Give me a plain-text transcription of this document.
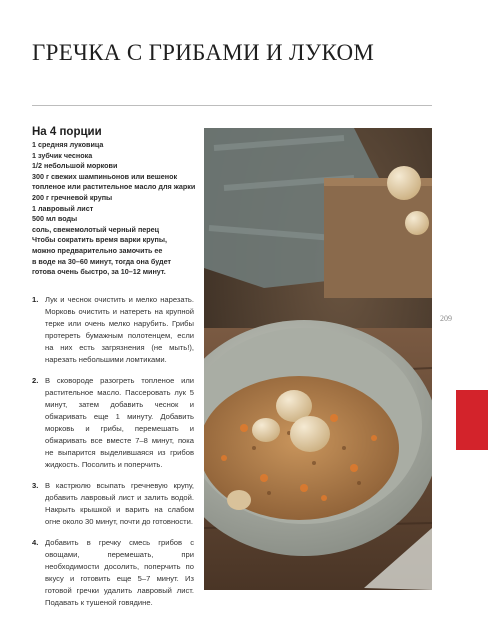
ГРЕЧКА С ГРИБАМИ И ЛУКОМ
На 4 порции
1 средняя луковица
1 зубчик чеснока
1/2 небольшой моркови
300 г свежих шампиньонов или вешенок
топленое или растительное масло для жарки
200 г гречневой крупы
1 лавровый лист
500 мл воды
соль, свежемолотый черный перец
Чтобы сократить время варки крупы,
можно предварительно замочить ее
в воде на 30–60 минут, тогда она будет
готова очень быстро, за 10–12 минут.
1. Лук и чеснок очистить и мелко нарезать. Морковь очистить и натереть на крупной терке или очень мелко нарубить. Грибы протереть бумажным полотенцем, если на них есть загрязнения (не мыть!), нарезать небольшими ломтиками.
2. В сковороде разогреть топленое или растительное масло. Пассеровать лук 5 минут, затем добавить чеснок и обжаривать еще 1 минуту. Добавить морковь и грибы, перемешать и обжаривать все вместе 7–8 минут, пока не выпарится выделившаяся из грибов жидкость. Посолить и поперчить.
3. В кастрюлю всыпать гречневую крупу, добавить лавровый лист и залить водой. Накрыть крышкой и варить на слабом огне около 30 минут, почти до готовности.
4. Добавить в гречку смесь грибов с овощами, перемешать, при необходимости досолить, поперчить по вкусу и готовить еще 5–7 минут. Из готовой гречки удалить лавровый лист. Подавать к тушеной говядине.
209
